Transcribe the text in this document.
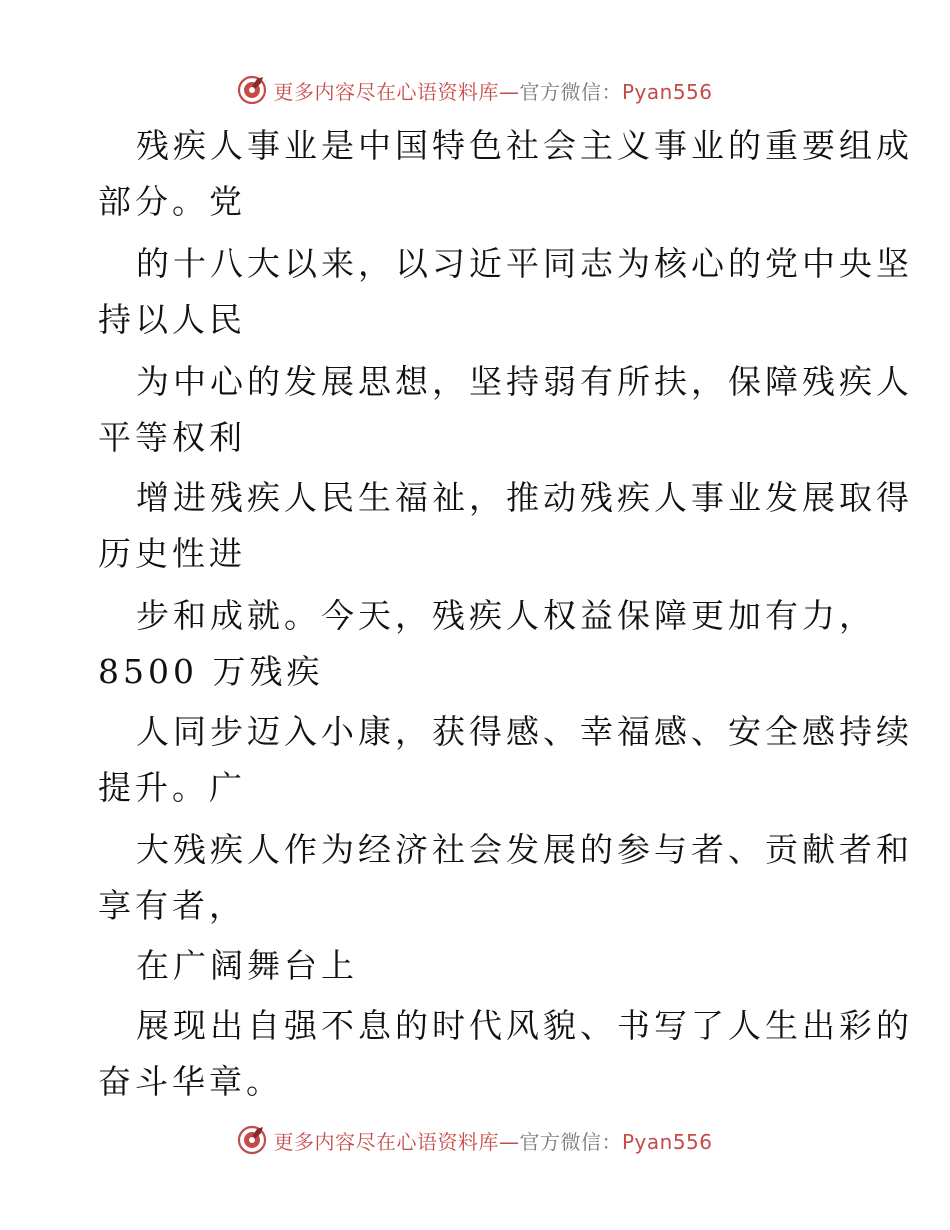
更多内容尽在心语资料库—官方微信：Pyan556
残疾人事业是中国特色社会主义事业的重要组成
部分。党
的十八大以来，以习近平同志为核心的党中央坚
持以人民
为中心的发展思想，坚持弱有所扶，保障残疾人
平等权利
增进残疾人民生福祉，推动残疾人事业发展取得
历史性进
步和成就。今天，残疾人权益保障更加有力，
8500 万残疾
人同步迈入小康，获得感、幸福感、安全感持续
提升。广
大残疾人作为经济社会发展的参与者、贡献者和
享有者，
在广阔舞台上
展现出自强不息的时代风貌、书写了人生出彩的
奋斗华章。
更多内容尽在心语资料库—官方微信：Pyan556
